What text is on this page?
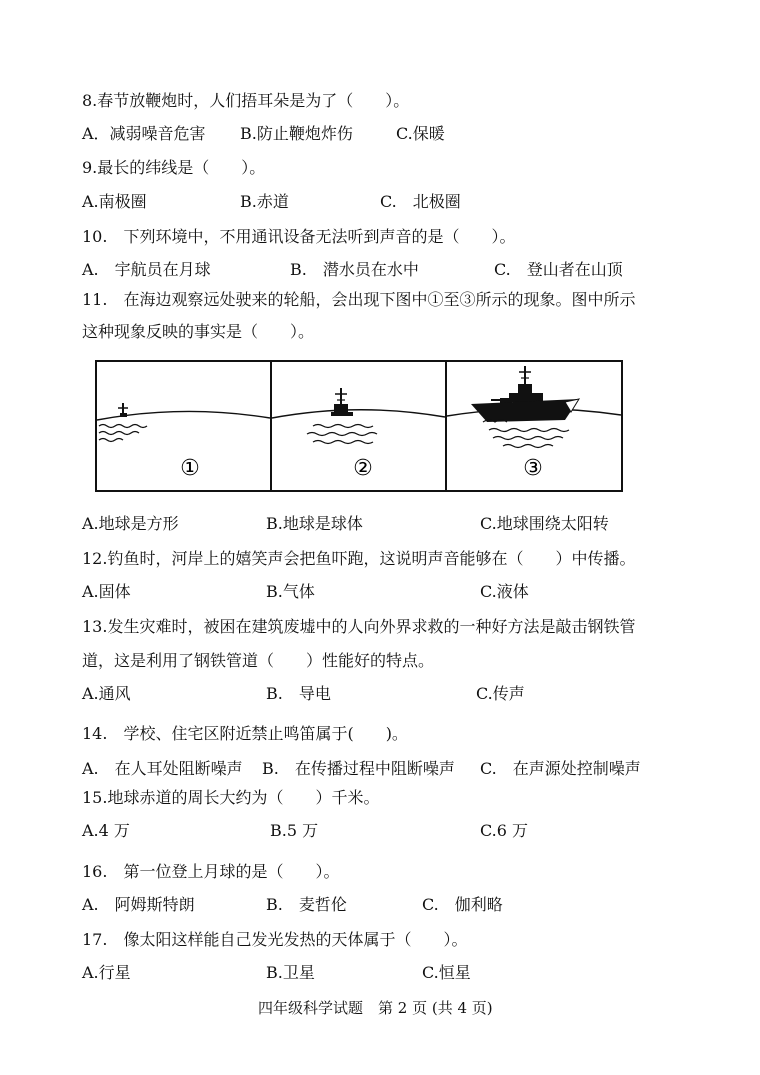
8.春节放鞭炮时，人们捂耳朵是为了（　　）。
A．减弱噪音危害 B.防止鞭炮炸伤	C.保暖
9.最长的纬线是（　　）。
A.南极圈	B.赤道	C.　北极圈
10.　下列环境中，不用通讯设备无法听到声音的是（　　）。
A.　宇航员在月球	B.　潜水员在水中	C.　登山者在山顶
11.　在海边观察远处驶来的轮船，会出现下图中①至③所示的现象。图中所示
这种现象反映的事实是（　　）。
①	②	③
A.地球是方形	B.地球是球体	C.地球围绕太阳转
12.钓鱼时，河岸上的嬉笑声会把鱼吓跑，这说明声音能够在（　　）中传播。
A.固体	B.气体	C.液体
13.发生灾难时，被困在建筑废墟中的人向外界求救的一种好方法是敲击钢铁管
道，这是利用了钢铁管道（　　）性能好的特点。
A.通风	B.　导电	C.传声
14.　学校、住宅区附近禁止鸣笛属于(　　)。
A.　在人耳处阻断噪声 B.　在传播过程中阻断噪声 C.　在声源处控制噪声
15.地球赤道的周长大约为（　　）千米。
A.4 万	B.5 万	C.6 万
16.　第一位登上月球的是（　　）。
A.　阿姆斯特朗	B.　麦哲伦	C.　伽利略
17.　像太阳这样能自己发光发热的天体属于（　　）。
A.行星	B.卫星	C.恒星
四年级科学试题　第 2 页 (共 4 页)
